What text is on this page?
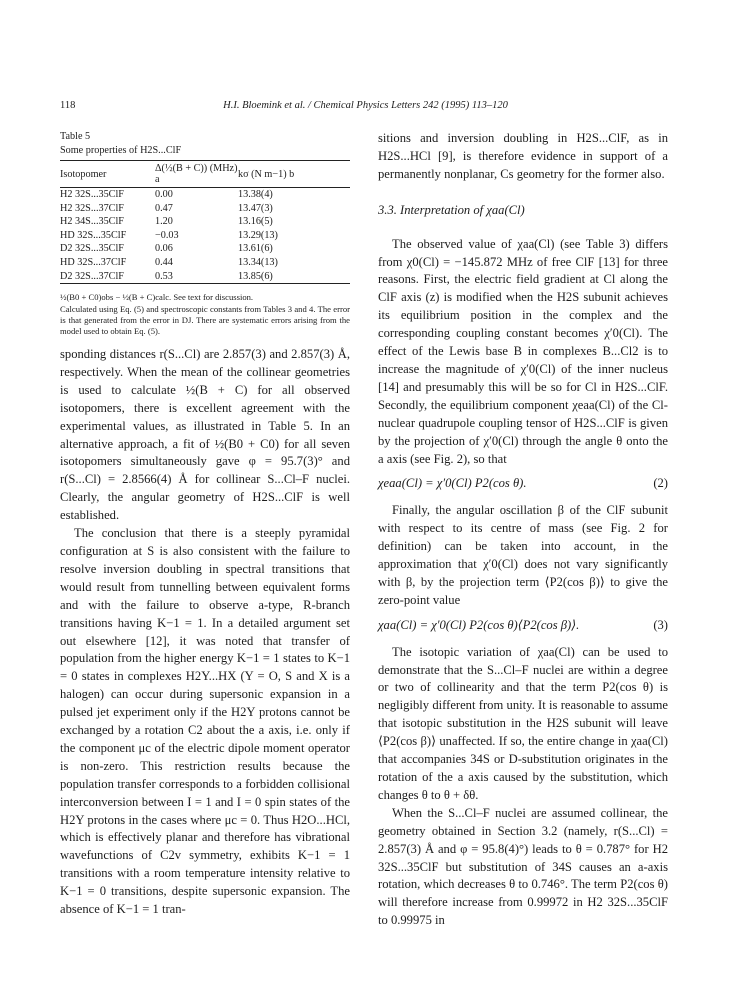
118	H.I. Bloemink et al. / Chemical Physics Letters 242 (1995) 113–120
Table 5
Some properties of H2S...ClF
Isotopomer	Δ(½(B + C)) (MHz) a	kσ (N m−1) b
H2 32S...35ClF	0.00	13.38(4)
H2 32S...37ClF	0.47	13.47(3)
H2 34S...35ClF	1.20	13.16(5)
HD 32S...35ClF	−0.03	13.29(13)
D2 32S...35ClF	0.06	13.61(6)
HD 32S...37ClF	0.44	13.34(13)
D2 32S...37ClF	0.53	13.85(6)

½(B0 + C0)obs − ½(B + C)calc. See text for discussion.

Calculated using Eq. (5) and spectroscopic constants from Tables 3 and 4. The error is that generated from the error in DJ. There are systematic errors arising from the model used to obtain Eq. (5).

sponding distances r(S...Cl) are 2.857(3) and 2.857(3) Å, respectively. When the mean of the collinear geometries is used to calculate ½(B + C) for all observed isotopomers, there is excellent agreement with the experimental values, as illustrated in Table 5. In an alternative approach, a fit of ½(B0 + C0) for all seven isotopomers simultaneously gave φ = 95.7(3)° and r(S...Cl) = 2.8566(4) Å for collinear S...Cl–F nuclei. Clearly, the angular geometry of H2S...ClF is well established.

The conclusion that there is a steeply pyramidal configuration at S is also consistent with the failure to resolve inversion doubling in spectral transitions that would result from tunnelling between equivalent forms and with the failure to observe a-type, R-branch transitions having K−1 = 1. In a detailed argument set out elsewhere [12], it was noted that transfer of population from the higher energy K−1 = 1 states to K−1 = 0 states in complexes H2Y...HX (Y = O, S and X is a halogen) can occur during supersonic expansion in a pulsed jet experiment only if the H2Y protons cannot be exchanged by a rotation C2 about the a axis, i.e. only if the component μc of the electric dipole moment operator is non-zero. This restriction results because the population transfer corresponds to a forbidden collisional interconversion between I = 1 and I = 0 spin states of the H2Y protons in the cases where μc = 0. Thus H2O...HCl, which is effectively planar and therefore has vibrational wavefunctions of C2v symmetry, exhibits K−1 = 1 transitions with a room temperature intensity relative to K−1 = 0 transitions, despite supersonic expansion. The absence of K−1 = 1 tran-

sitions and inversion doubling in H2S...ClF, as in H2S...HCl [9], is therefore evidence in support of a permanently nonplanar, Cs geometry for the former also.

3.3. Interpretation of χaa(Cl)

The observed value of χaa(Cl) (see Table 3) differs from χ0(Cl) = −145.872 MHz of free ClF [13] for three reasons. First, the electric field gradient at Cl along the ClF axis (z) is modified when the H2S subunit achieves its equilibrium position in the complex and the corresponding coupling constant becomes χ′0(Cl). The effect of the Lewis base B in complexes B...Cl2 is to increase the magnitude of χ′0(Cl) of the inner nucleus [14] and presumably this will be so for Cl in H2S...ClF. Secondly, the equilibrium component χeaa(Cl) of the Cl-nuclear quadrupole coupling tensor of H2S...ClF is given by the projection of χ′0(Cl) through the angle θ onto the a axis (see Fig. 2), so that

χeaa(Cl) = χ′0(Cl) P2(cos θ).	(2)

Finally, the angular oscillation β of the ClF subunit with respect to its centre of mass (see Fig. 2 for definition) can be taken into account, in the approximation that χ′0(Cl) does not vary significantly with β, by the projection term ⟨P2(cos β)⟩ to give the zero-point value

χaa(Cl) = χ′0(Cl) P2(cos θ)⟨P2(cos β)⟩.	(3)

The isotopic variation of χaa(Cl) can be used to demonstrate that the S...Cl–F nuclei are within a degree or two of collinearity and that the term P2(cos θ) is negligibly different from unity. It is reasonable to assume that isotopic substitution in the H2S subunit will leave ⟨P2(cos β)⟩ unaffected. If so, the entire change in χaa(Cl) that accompanies 34S or D-substitution originates in the rotation of the a axis caused by the substitution, which changes θ to θ + δθ.

When the S...Cl–F nuclei are assumed collinear, the geometry obtained in Section 3.2 (namely, r(S...Cl) = 2.857(3) Å and φ = 95.8(4)°) leads to θ = 0.787° for H2 32S...35ClF but substitution of 34S causes an a-axis rotation, which decreases θ to 0.746°. The term P2(cos θ) will therefore increase from 0.99972 in H2 32S...35ClF to 0.99975 in
